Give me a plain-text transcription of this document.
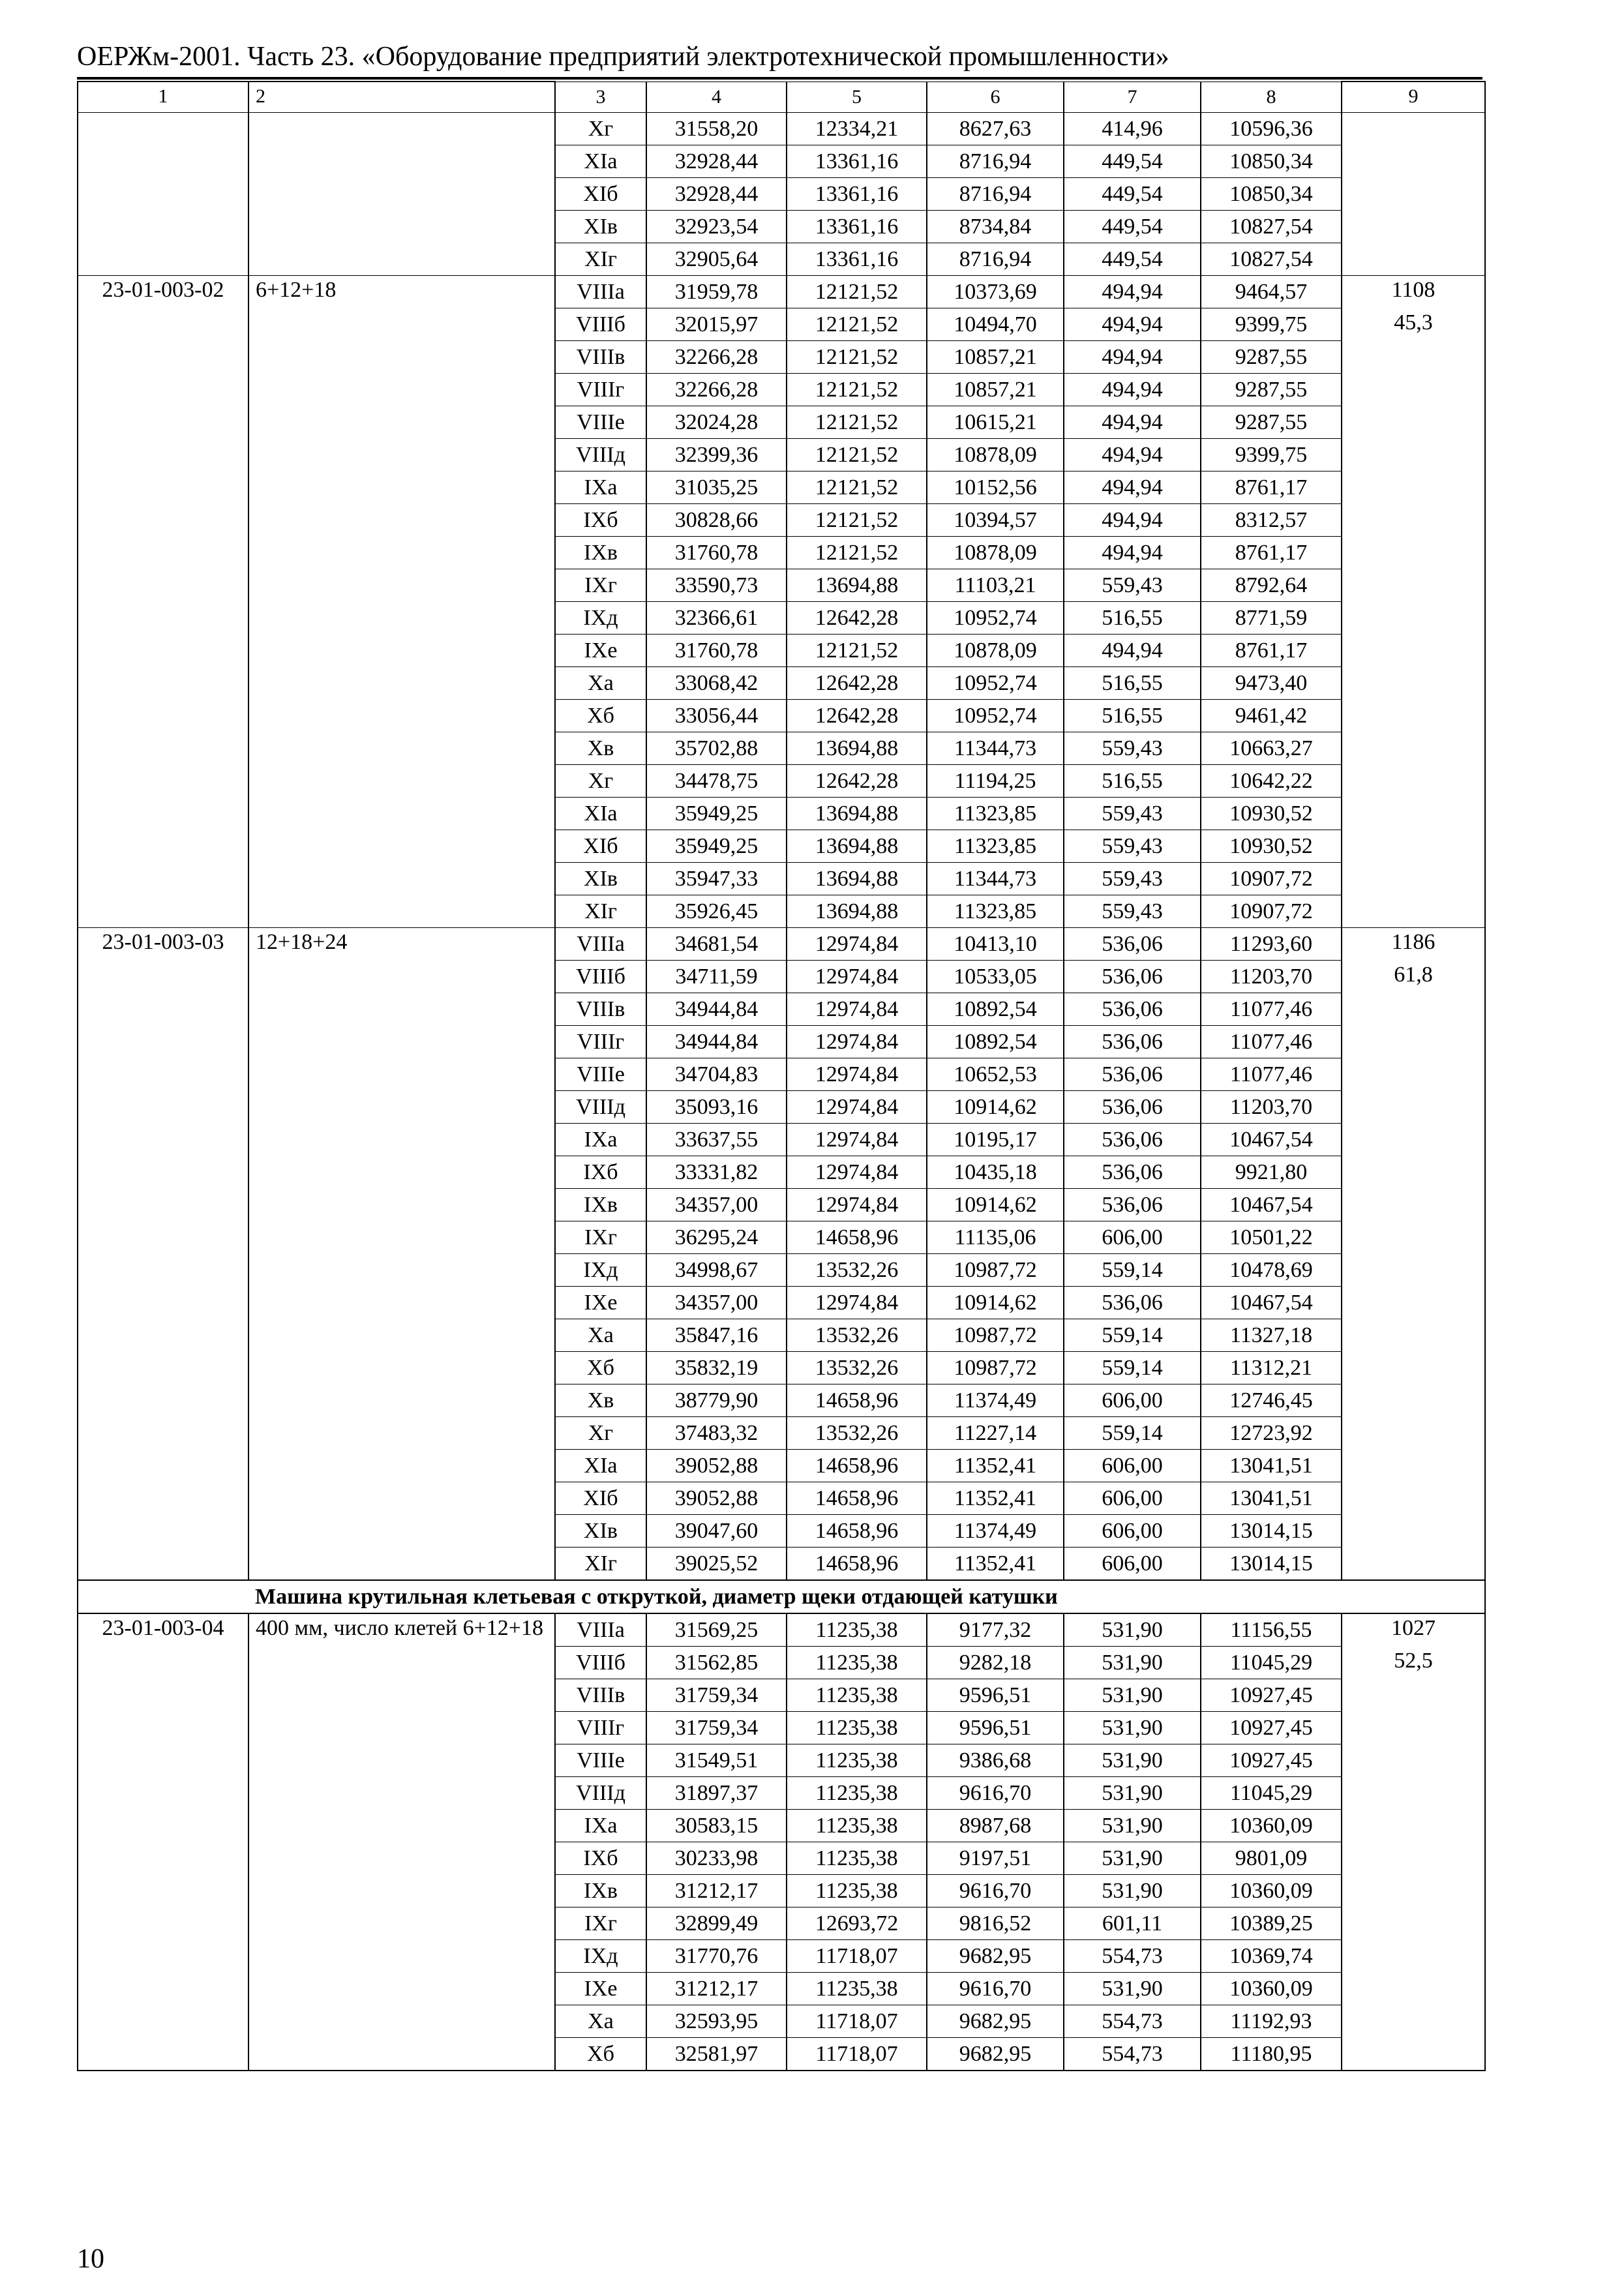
ОЕРЖм-2001. Часть 23. «Оборудование предприятий электротехнической промышленности»
1	2	3	4	5	6	7	8	9
		Xг	31558,20	12334,21	8627,63	414,96	10596,36	
		XIа	32928,44	13361,16	8716,94	449,54	10850,34	
		XIб	32928,44	13361,16	8716,94	449,54	10850,34	
		XIв	32923,54	13361,16	8734,84	449,54	10827,54	
		XIг	32905,64	13361,16	8716,94	449,54	10827,54	
23-01-003-02	6+12+18	VIIIа	31959,78	12121,52	10373,69	494,94	9464,57	1108
		VIIIб	32015,97	12121,52	10494,70	494,94	9399,75	45,3
		VIIIв	32266,28	12121,52	10857,21	494,94	9287,55	
		VIIIг	32266,28	12121,52	10857,21	494,94	9287,55	
		VIIIе	32024,28	12121,52	10615,21	494,94	9287,55	
		VIIIд	32399,36	12121,52	10878,09	494,94	9399,75	
		IXа	31035,25	12121,52	10152,56	494,94	8761,17	
		IXб	30828,66	12121,52	10394,57	494,94	8312,57	
		IXв	31760,78	12121,52	10878,09	494,94	8761,17	
		IXг	33590,73	13694,88	11103,21	559,43	8792,64	
		IXд	32366,61	12642,28	10952,74	516,55	8771,59	
		IXе	31760,78	12121,52	10878,09	494,94	8761,17	
		Xа	33068,42	12642,28	10952,74	516,55	9473,40	
		Xб	33056,44	12642,28	10952,74	516,55	9461,42	
		Xв	35702,88	13694,88	11344,73	559,43	10663,27	
		Xг	34478,75	12642,28	11194,25	516,55	10642,22	
		XIа	35949,25	13694,88	11323,85	559,43	10930,52	
		XIб	35949,25	13694,88	11323,85	559,43	10930,52	
		XIв	35947,33	13694,88	11344,73	559,43	10907,72	
		XIг	35926,45	13694,88	11323,85	559,43	10907,72	
23-01-003-03	12+18+24	VIIIа	34681,54	12974,84	10413,10	536,06	11293,60	1186
		VIIIб	34711,59	12974,84	10533,05	536,06	11203,70	61,8
		VIIIв	34944,84	12974,84	10892,54	536,06	11077,46	
		VIIIг	34944,84	12974,84	10892,54	536,06	11077,46	
		VIIIе	34704,83	12974,84	10652,53	536,06	11077,46	
		VIIIд	35093,16	12974,84	10914,62	536,06	11203,70	
		IXа	33637,55	12974,84	10195,17	536,06	10467,54	
		IXб	33331,82	12974,84	10435,18	536,06	9921,80	
		IXв	34357,00	12974,84	10914,62	536,06	10467,54	
		IXг	36295,24	14658,96	11135,06	606,00	10501,22	
		IXд	34998,67	13532,26	10987,72	559,14	10478,69	
		IXе	34357,00	12974,84	10914,62	536,06	10467,54	
		Xа	35847,16	13532,26	10987,72	559,14	11327,18	
		Xб	35832,19	13532,26	10987,72	559,14	11312,21	
		Xв	38779,90	14658,96	11374,49	606,00	12746,45	
		Xг	37483,32	13532,26	11227,14	559,14	12723,92	
		XIа	39052,88	14658,96	11352,41	606,00	13041,51	
		XIб	39052,88	14658,96	11352,41	606,00	13041,51	
		XIв	39047,60	14658,96	11374,49	606,00	13014,15	
		XIг	39025,52	14658,96	11352,41	606,00	13014,15	
	Машина крутильная клетьевая с откруткой, диаметр щеки отдающей катушки							
23-01-003-04	400 мм, число клетей 6+12+18	VIIIа	31569,25	11235,38	9177,32	531,90	11156,55	1027
		VIIIб	31562,85	11235,38	9282,18	531,90	11045,29	52,5
		VIIIв	31759,34	11235,38	9596,51	531,90	10927,45	
		VIIIг	31759,34	11235,38	9596,51	531,90	10927,45	
		VIIIе	31549,51	11235,38	9386,68	531,90	10927,45	
		VIIIд	31897,37	11235,38	9616,70	531,90	11045,29	
		IXа	30583,15	11235,38	8987,68	531,90	10360,09	
		IXб	30233,98	11235,38	9197,51	531,90	9801,09	
		IXв	31212,17	11235,38	9616,70	531,90	10360,09	
		IXг	32899,49	12693,72	9816,52	601,11	10389,25	
		IXд	31770,76	11718,07	9682,95	554,73	10369,74	
		IXе	31212,17	11235,38	9616,70	531,90	10360,09	
		Xа	32593,95	11718,07	9682,95	554,73	11192,93	
		Xб	32581,97	11718,07	9682,95	554,73	11180,95	
10
